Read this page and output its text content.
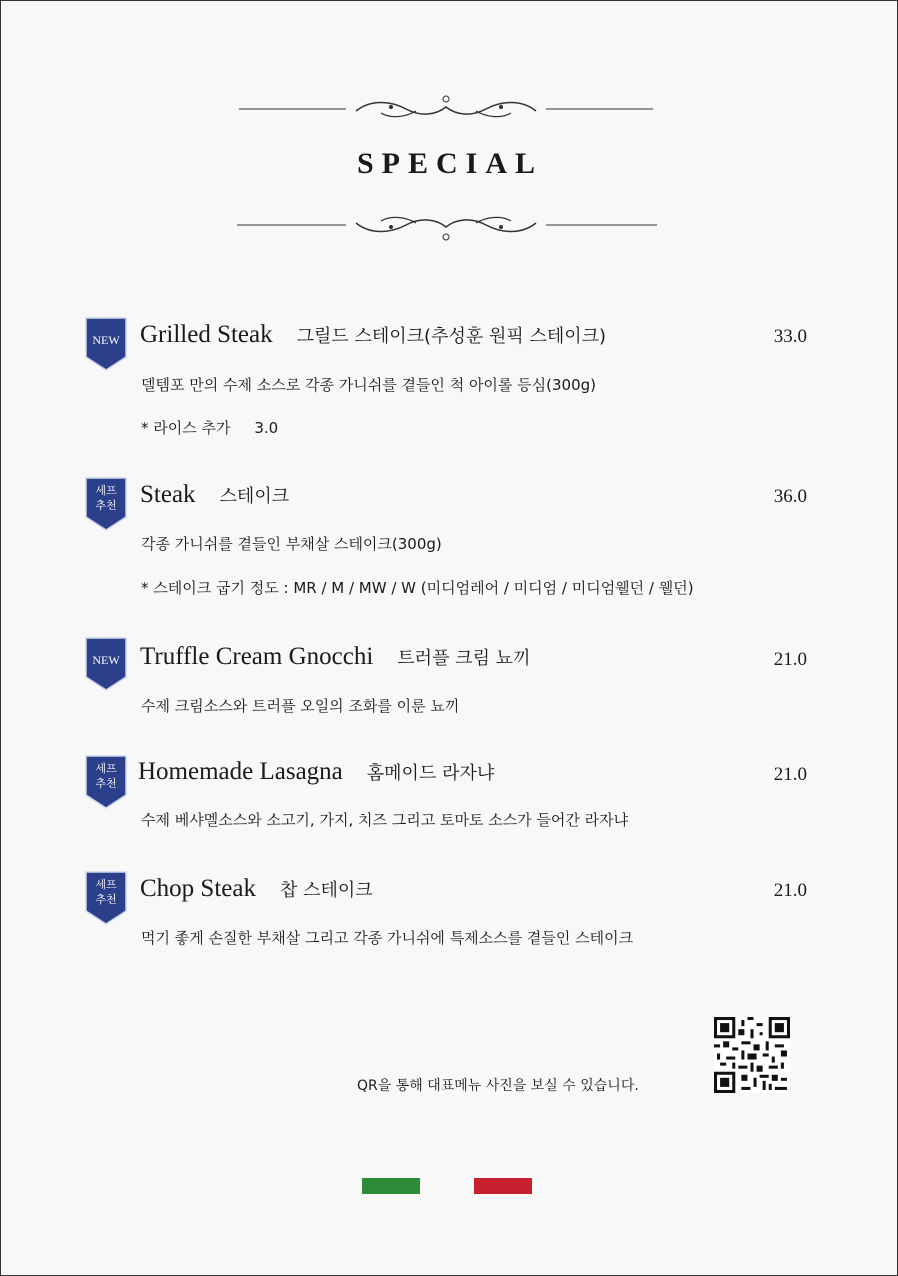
SPECIAL
NEW Grilled Steak 그릴드 스테이크(추성훈 원픽 스테이크)	33.0
델템포 만의 수제 소스로 각종 가니쉬를 곁들인 척 아이롤 등심(300g)
* 라이스 추가     3.0
세프
추천 Steak 스테이크	36.0
각종 가니쉬를 곁들인 부채살 스테이크(300g)
* 스테이크 굽기 정도 : MR / M / MW / W (미디엄레어 / 미디엄 / 미디엄웰던 / 웰던)
NEW Truffle Cream Gnocchi 트러플 크림 뇨끼	21.0
수제 크림소스와 트러플 오일의 조화를 이룬 뇨끼
세프
추천 Homemade Lasagna 홈메이드 라자냐	21.0
수제 베샤멜소스와 소고기, 가지, 치즈 그리고 토마토 소스가 들어간 라자냐
세프
추천 Chop Steak 찹 스테이크	21.0
먹기 좋게 손질한 부채살 그리고 각종 가니쉬에 특제소스를 곁들인 스테이크
QR을 통해 대표메뉴 사진을 보실 수 있습니다.
